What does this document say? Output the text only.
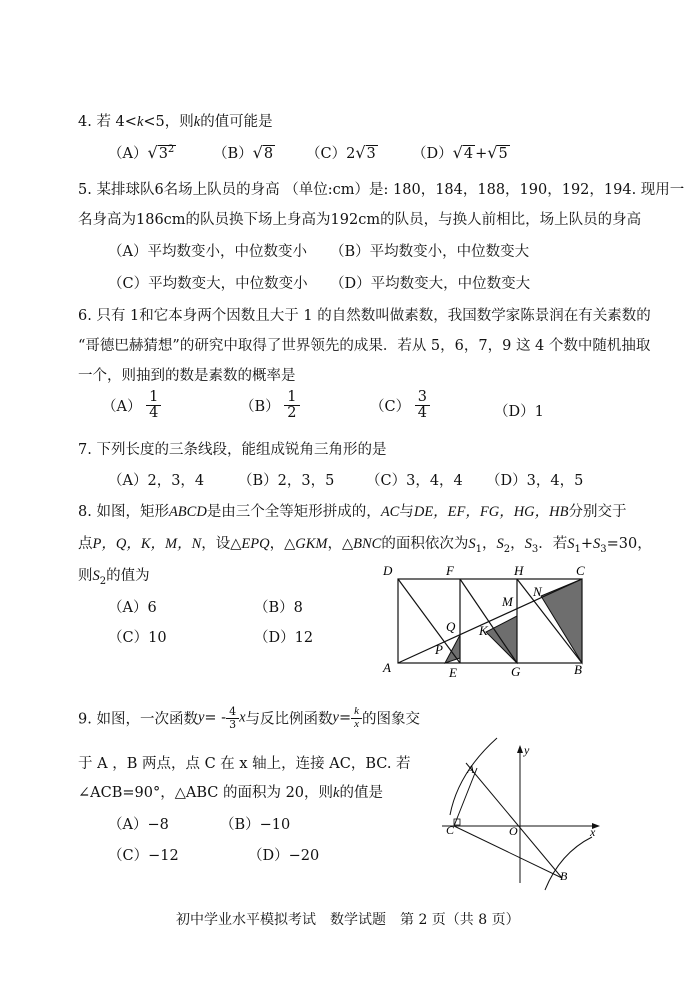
4. 若 4<k<5，则k的值可能是
$(A)√3^2$	（B）√8 （C）2√3 （D）√4 +√5
5. 某排球队6名场上队员的身高 （单位:cm）是: 180，184，188，190，192，194. 现用一
名身高为186cm的队员换下场上身高为192cm的队员，与换人前相比，场上队员的身高
（A）平均数变小，中位数变小 （B）平均数变小，中位数变大
（C）平均数变大，中位数变小 （D）平均数变大，中位数变大
6. 只有 1和它本身两个因数且大于 1 的自然数叫做素数，我国数学家陈景润在有关素数的
“哥德巴赫猜想”的研究中取得了世界领先的成果．若从 5，6，7，9 这 4 个数中随机抽取
一个，则抽到的数是素数的概率是
$(A) \frac{1}{4}$	$(B) \frac{1}{2}$	$(C) \frac{3}{4}$	（D）1
7. 下列长度的三条线段，能组成锐角三角形的是
（A）2，3，4 （B）2，3，5 （C）3，4，4 （D）3，4，5
8. 如图，矩形ABCD是由三个全等矩形拼成的，AC与DE，EF，FG，HG，HB分别交于
点P，Q，K，M，N，设△EPQ，△GKM，△BNC的面积依次为$S_1$，$S_2$，$S_3$．若$S_1+S_3=30$，
则$S_2$的值为
（A）6	（B）8
（C）10	（D）12
D	F	H	C
A	E	G	B
P
Q K
M
N
9. 如图，一次函数$y= - \frac{4}{3}$ x与反比例函数$y= \frac{k}{x}$ 的图象交
于 A ，B 两点，点 C 在 x 轴上，连接 AC，BC. 若
∠ACB=90°，△ABC 的面积为 20，则k的值是
（A）−8	（B）−10
（C）−12	（D）−20
A
B
C	O	x
y
初中学业水平模拟考试　数学试题　第 2 页（共 8 页）
